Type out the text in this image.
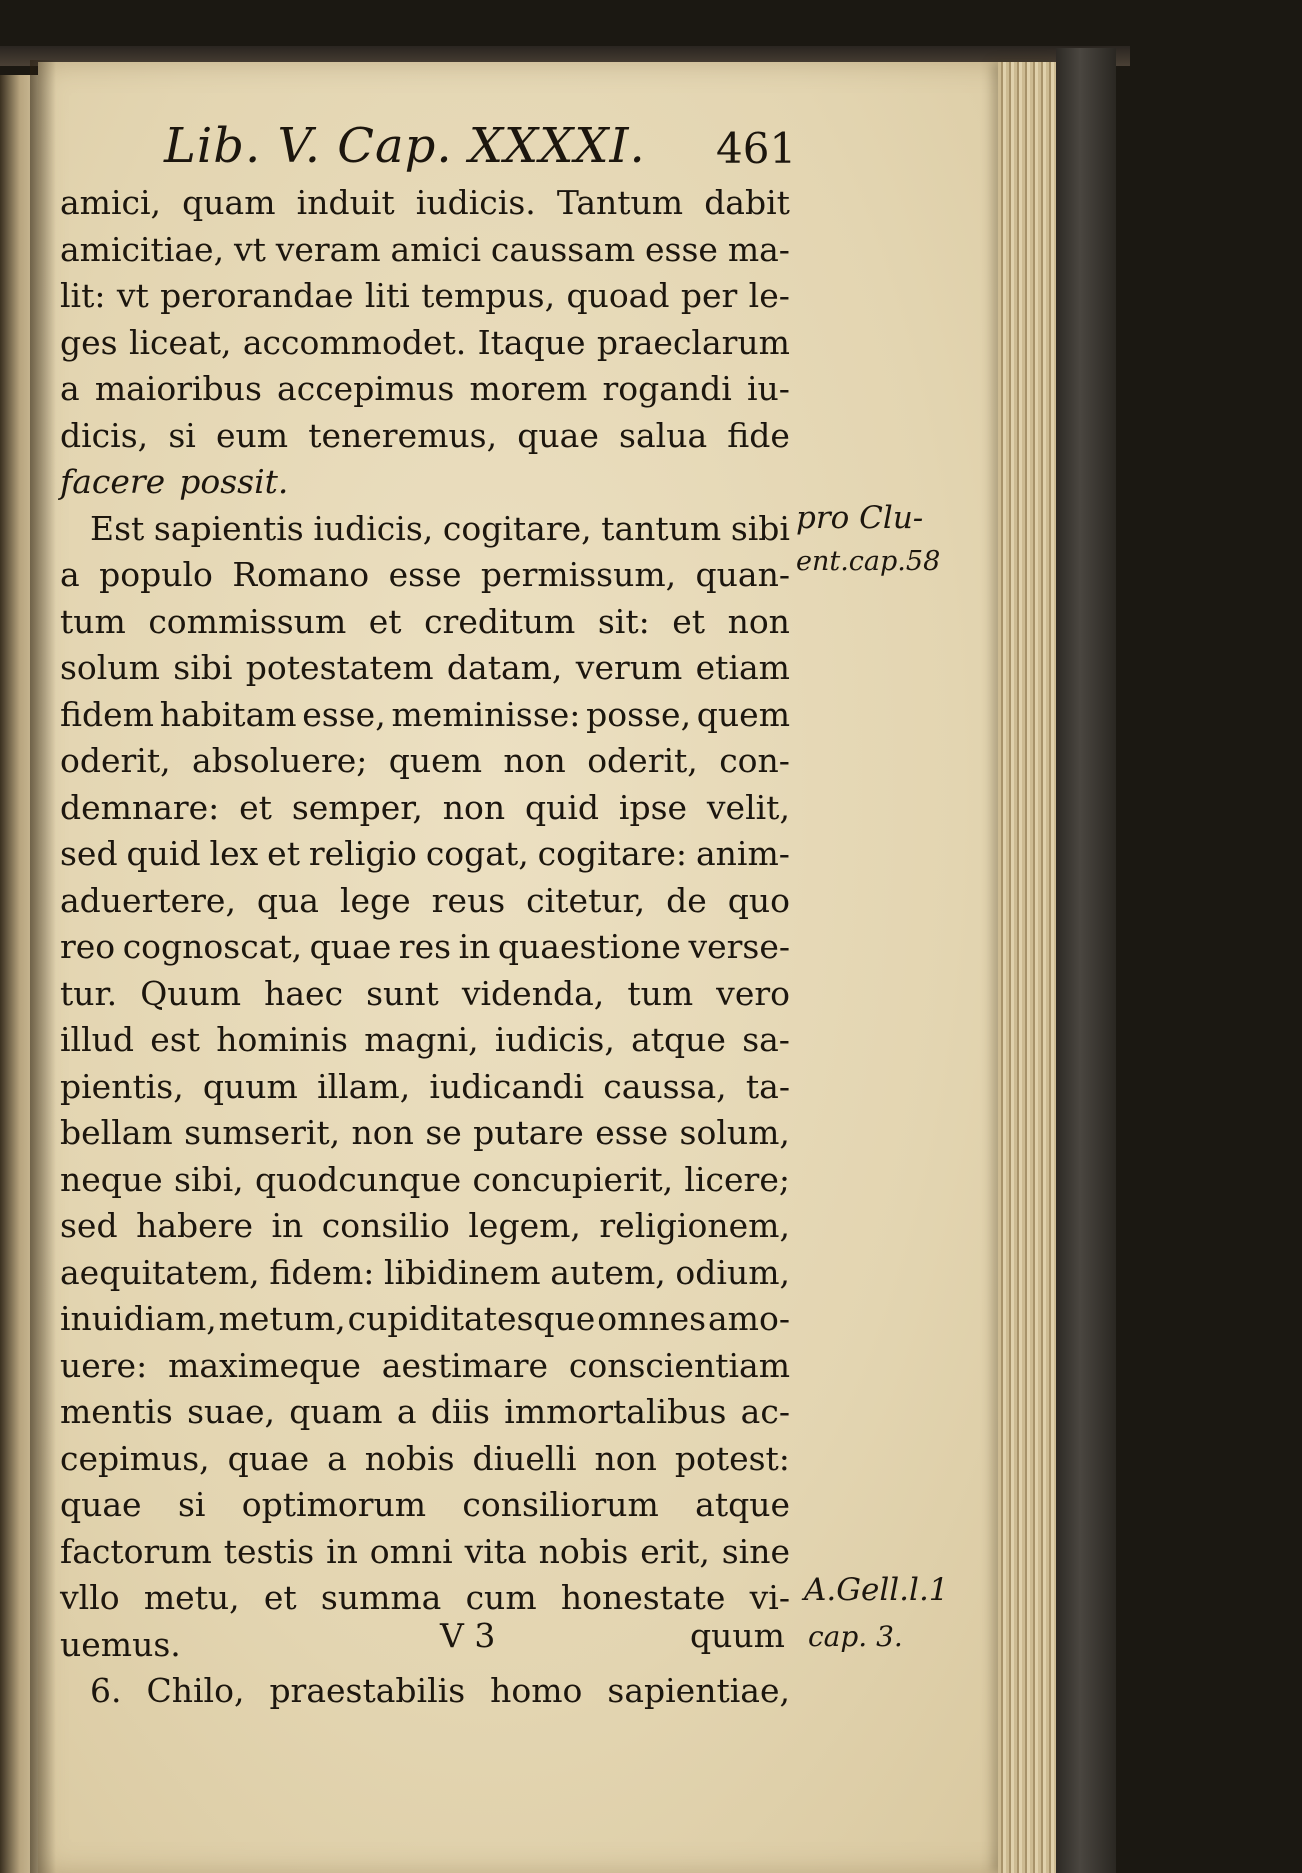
Lib. V. Cap. XXXXI. 461
amici, quam induit iudicis. Tantum dabit
amicitiae, vt veram amici caussam esse ma-
lit: vt perorandae liti tempus, quoad per le-
ges liceat, accommodet. Itaque praeclarum
a maioribus accepimus morem rogandi iu-
dicis, si eum teneremus, quae salua fide
facere possit.
Est sapientis iudicis, cogitare, tantum sibi
a populo Romano esse permissum, quan-
tum commissum et creditum sit: et non
solum sibi potestatem datam, verum etiam
fidem habitam esse, meminisse: posse, quem
oderit, absoluere; quem non oderit, con-
demnare: et semper, non quid ipse velit,
sed quid lex et religio cogat, cogitare: anim-
aduertere, qua lege reus citetur, de quo
reo cognoscat, quae res in quaestione verse-
tur. Quum haec sunt videnda, tum vero
illud est hominis magni, iudicis, atque sa-
pientis, quum illam, iudicandi caussa, ta-
bellam sumserit, non se putare esse solum,
neque sibi, quodcunque concupierit, licere;
sed habere in consilio legem, religionem,
aequitatem, fidem: libidinem autem, odium,
inuidiam, metum, cupiditatesque omnes amo-
uere: maximeque aestimare conscientiam
mentis suae, quam a diis immortalibus ac-
cepimus, quae a nobis diuelli non potest:
quae si optimorum consiliorum atque
factorum testis in omni vita nobis erit, sine
vllo metu, et summa cum honestate vi-
uemus.
6. Chilo, praestabilis homo sapientiae,
pro Clu-
ent.cap.58
A.Gell.l.1
cap. 3.
V 3	quum
